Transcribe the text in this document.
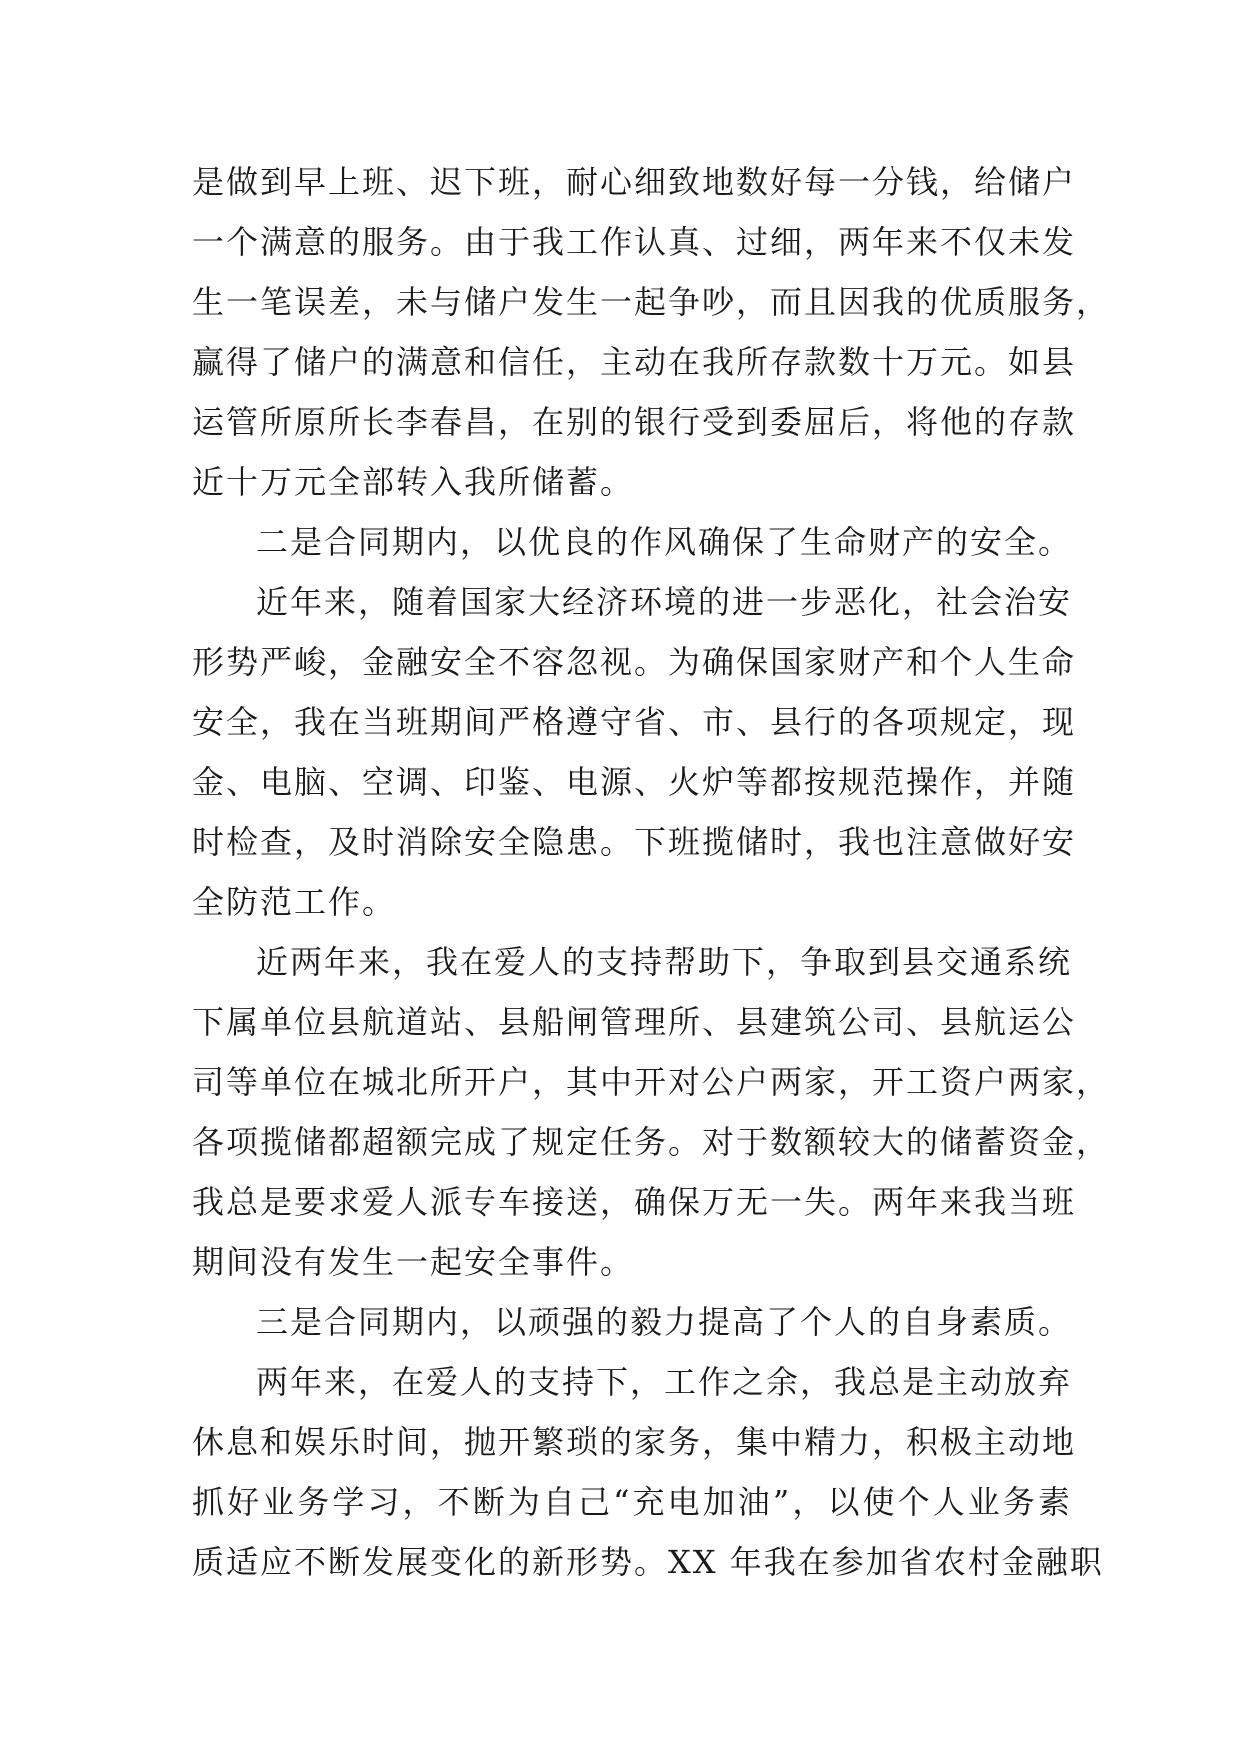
是做到早上班、迟下班，耐心细致地数好每一分钱，给储户
一个满意的服务。由于我工作认真、过细，两年来不仅未发
生一笔误差，未与储户发生一起争吵，而且因我的优质服务，
赢得了储户的满意和信任，主动在我所存款数十万元。如县
运管所原所长李春昌，在别的银行受到委屈后，将他的存款
近十万元全部转入我所储蓄。
二是合同期内，以优良的作风确保了生命财产的安全。
近年来，随着国家大经济环境的进一步恶化，社会治安
形势严峻，金融安全不容忽视。为确保国家财产和个人生命
安全，我在当班期间严格遵守省、市、县行的各项规定，现
金、电脑、空调、印鉴、电源、火炉等都按规范操作，并随
时检查，及时消除安全隐患。下班揽储时，我也注意做好安
全防范工作。
近两年来，我在爱人的支持帮助下，争取到县交通系统
下属单位县航道站、县船闸管理所、县建筑公司、县航运公
司等单位在城北所开户，其中开对公户两家，开工资户两家，
各项揽储都超额完成了规定任务。对于数额较大的储蓄资金，
我总是要求爱人派专车接送，确保万无一失。两年来我当班
期间没有发生一起安全事件。
三是合同期内，以顽强的毅力提高了个人的自身素质。
两年来，在爱人的支持下，工作之余，我总是主动放弃
休息和娱乐时间，抛开繁琐的家务，集中精力，积极主动地
抓好业务学习，不断为自己“充电加油”，以使个人业务素
质适应不断发展变化的新形势。XX 年我在参加省农村金融职
